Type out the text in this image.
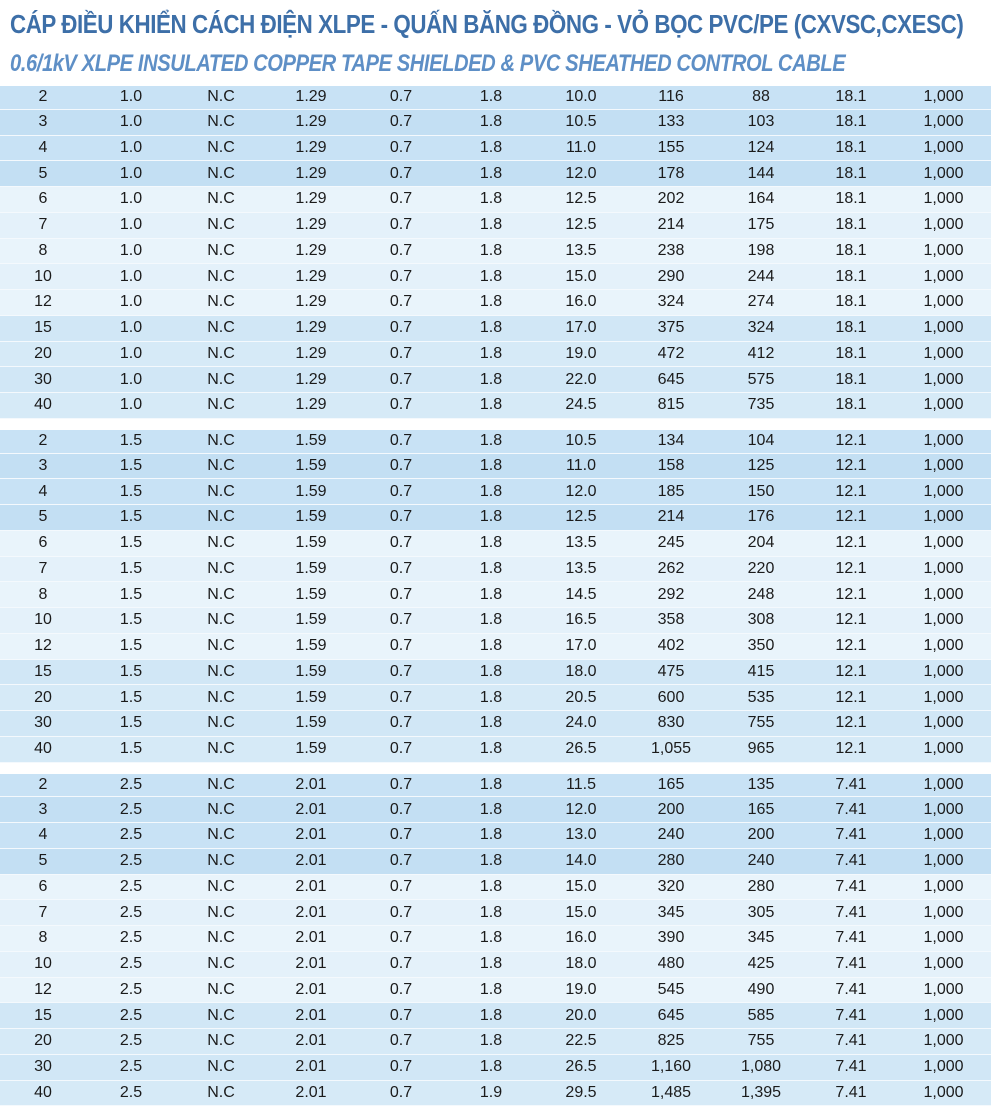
CÁP ĐIỀU KHIỂN CÁCH ĐIỆN XLPE - QUẤN BĂNG ĐỒNG - VỎ BỌC PVC/PE (CXVSC,CXESC)
0.6/1kV XLPE INSULATED COPPER TAPE SHIELDED & PVC SHEATHED CONTROL CABLE
2	1.0	N.C	1.29	0.7	1.8	10.0	116	88	18.1	1,000
3	1.0	N.C	1.29	0.7	1.8	10.5	133	103	18.1	1,000
4	1.0	N.C	1.29	0.7	1.8	11.0	155	124	18.1	1,000
5	1.0	N.C	1.29	0.7	1.8	12.0	178	144	18.1	1,000
6	1.0	N.C	1.29	0.7	1.8	12.5	202	164	18.1	1,000
7	1.0	N.C	1.29	0.7	1.8	12.5	214	175	18.1	1,000
8	1.0	N.C	1.29	0.7	1.8	13.5	238	198	18.1	1,000
10	1.0	N.C	1.29	0.7	1.8	15.0	290	244	18.1	1,000
12	1.0	N.C	1.29	0.7	1.8	16.0	324	274	18.1	1,000
15	1.0	N.C	1.29	0.7	1.8	17.0	375	324	18.1	1,000
20	1.0	N.C	1.29	0.7	1.8	19.0	472	412	18.1	1,000
30	1.0	N.C	1.29	0.7	1.8	22.0	645	575	18.1	1,000
40	1.0	N.C	1.29	0.7	1.8	24.5	815	735	18.1	1,000
2	1.5	N.C	1.59	0.7	1.8	10.5	134	104	12.1	1,000
3	1.5	N.C	1.59	0.7	1.8	11.0	158	125	12.1	1,000
4	1.5	N.C	1.59	0.7	1.8	12.0	185	150	12.1	1,000
5	1.5	N.C	1.59	0.7	1.8	12.5	214	176	12.1	1,000
6	1.5	N.C	1.59	0.7	1.8	13.5	245	204	12.1	1,000
7	1.5	N.C	1.59	0.7	1.8	13.5	262	220	12.1	1,000
8	1.5	N.C	1.59	0.7	1.8	14.5	292	248	12.1	1,000
10	1.5	N.C	1.59	0.7	1.8	16.5	358	308	12.1	1,000
12	1.5	N.C	1.59	0.7	1.8	17.0	402	350	12.1	1,000
15	1.5	N.C	1.59	0.7	1.8	18.0	475	415	12.1	1,000
20	1.5	N.C	1.59	0.7	1.8	20.5	600	535	12.1	1,000
30	1.5	N.C	1.59	0.7	1.8	24.0	830	755	12.1	1,000
40	1.5	N.C	1.59	0.7	1.8	26.5	1,055	965	12.1	1,000
2	2.5	N.C	2.01	0.7	1.8	11.5	165	135	7.41	1,000
3	2.5	N.C	2.01	0.7	1.8	12.0	200	165	7.41	1,000
4	2.5	N.C	2.01	0.7	1.8	13.0	240	200	7.41	1,000
5	2.5	N.C	2.01	0.7	1.8	14.0	280	240	7.41	1,000
6	2.5	N.C	2.01	0.7	1.8	15.0	320	280	7.41	1,000
7	2.5	N.C	2.01	0.7	1.8	15.0	345	305	7.41	1,000
8	2.5	N.C	2.01	0.7	1.8	16.0	390	345	7.41	1,000
10	2.5	N.C	2.01	0.7	1.8	18.0	480	425	7.41	1,000
12	2.5	N.C	2.01	0.7	1.8	19.0	545	490	7.41	1,000
15	2.5	N.C	2.01	0.7	1.8	20.0	645	585	7.41	1,000
20	2.5	N.C	2.01	0.7	1.8	22.5	825	755	7.41	1,000
30	2.5	N.C	2.01	0.7	1.8	26.5	1,160	1,080	7.41	1,000
40	2.5	N.C	2.01	0.7	1.9	29.5	1,485	1,395	7.41	1,000
